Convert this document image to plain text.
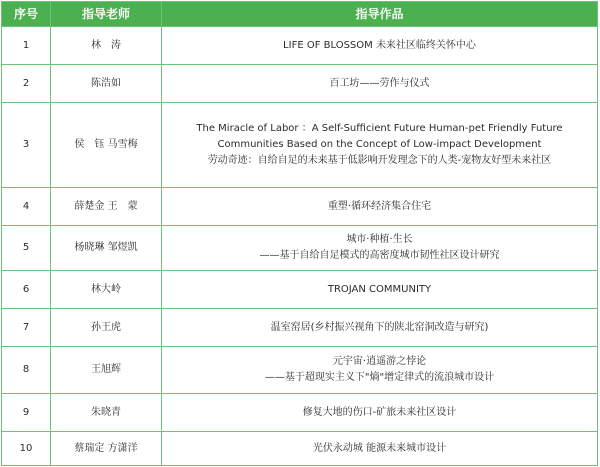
序号	指导老师	指导作品
1	林　涛	LIFE OF BLOSSOM 未来社区临终关怀中心

2	陈浩如	百工坊——劳作与仪式

3	侯　钰 马雪梅	The Miracle of Labor ：A Self-Sufficient Future Human-pet Friendly Future
Communities Based on the Concept of Low-impact Development
劳动奇迹：自给自足的未来基于低影响开发理念下的人类-宠物友好型未来社区

4	薛楚金 王　蒙	重塑·循环经济集合住宅

5	杨晓琳 邹煜凯	城市·种植·生长
——基于自给自足模式的高密度城市韧性社区设计研究

6	林大岭	TROJAN COMMUNITY

7	孙王虎	温室窑居(乡村振兴视角下的陕北窑洞改造与研究)

8	王旭辉	元宇宙·逍遥游之悖论
——基于超现实主义下"熵"增定律式的流浪城市设计

9	朱晓青	修复大地的伤口-矿旅未来社区设计

10	蔡瑞定 方潇洋	光伏永动城 能源未来城市设计
